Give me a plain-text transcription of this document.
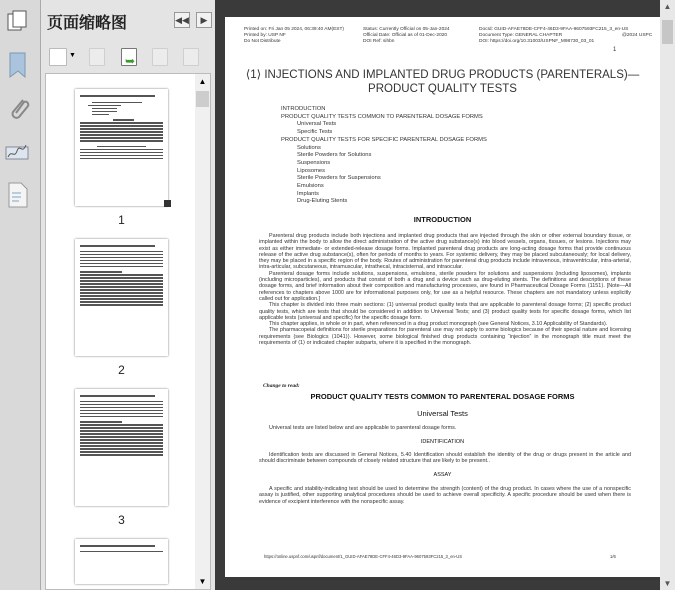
页面缩略图	◀◀	▶
▼	➥
1
2
3
▲
▼
Printed on: Fri Jan 05 2024, 06:39:40 AM(EST)
Printed by: USP NF
Do Not Distribute
Status: Currently Official on 05-Jan-2024
Official Date: Official as of 01-Dec-2020
DOI Ref: sihbn
DocId: GUID-AFAE78DE-CFF4-46D3-9FAA-9607593FC215_3_en-US
Document Type: GENERAL CHAPTER
DOI: https://doi.org/10.31003/USPNF_M98730_03_01
@2024 USPC
1
⟨1⟩ INJECTIONS AND IMPLANTED DRUG PRODUCTS (PARENTERALS)—
PRODUCT QUALITY TESTS
INTRODUCTION
PRODUCT QUALITY TESTS COMMON TO PARENTERAL DOSAGE FORMS
Universal Tests
Specific Tests
PRODUCT QUALITY TESTS FOR SPECIFIC PARENTERAL DOSAGE FORMS
Solutions
Sterile Powders for Solutions
Suspensions
Liposomes
Sterile Powders for Suspensions
Emulsions
Implants
Drug-Eluting Stents
INTRODUCTION
Parenteral drug products include both injections and implanted drug products that are injected through the skin or other external boundary tissue, or implanted within the body to allow the direct administration of the active drug substance(s) into blood vessels, organs, tissues, or lesions. Injections may exist as either immediate- or extended-release dosage forms. Implanted parenteral drug products are long-acting dosage forms that provide continuous release of the active drug substance(s), often for periods of months to years. For systemic delivery, they may be placed subcutaneously; for local delivery, they may be placed in a specific region of the body. Routes of administration for parenteral drug products include intravenous, intraventricular, intra-arterial, intra-articular, subcutaneous, intramuscular, intrathecal, intracisternal, and intraocular.
Parenteral dosage forms include solutions, suspensions, emulsions, sterile powders for solutions and suspensions (including liposomes), implants (including microparticles), and products that consist of both a drug and a device such as drug-eluting stents. The definitions and descriptions of these dosage forms, and brief information about their composition and manufacturing processes, are found in Pharmaceutical Dosage Forms ⟨1151⟩. [Note—All references to chapters above 1000 are for informational purposes only, for use as a helpful resource. These chapters are not mandatory unless explicitly called out for application.]
This chapter is divided into three main sections: (1) universal product quality tests that are applicable to parenteral dosage forms; (2) specific product quality tests, which are tests that should be considered in addition to Universal Tests; and (3) product quality tests for specific dosage forms, which list applicable tests (universal and specific) for the specific dosage form.
This chapter applies, in whole or in part, when referenced in a drug product monograph (see General Notices, 3.10 Applicability of Standards).
The pharmacopeial definitions for sterile preparations for parenteral use may not apply to some biologics because of their special nature and licensing requirements (see Biologics ⟨1041⟩). However, some biological finished drug products containing “injection” in the monograph title must meet the requirements of ⟨1⟩ or indicated chapter subparts, where it is specified in the monograph.
Change to read:
PRODUCT QUALITY TESTS COMMON TO PARENTERAL DOSAGE FORMS
Universal Tests
Universal tests are listed below and are applicable to parenteral dosage forms.
IDENTIFICATION
Identification tests are discussed in General Notices, 5.40 Identification should establish the identity of the drug or drugs present in the article and should discriminate between compounds of closely related structure that are likely to be present..
ASSAY
A specific and stability-indicating test should be used to determine the strength (content) of the drug product. In cases where the use of a nonspecific assay is justified, other supporting analytical procedures should be used to achieve overall specificity. A specific procedure should be used when there is evidence of excipient interference with the nonspecific assay.
https://online.uspnf.com/uspnf/document/1_GUID-AFAE78DE-CFF4-46D3-9FAA-9607593FC215_3_en-US	1/6
▲
▼
